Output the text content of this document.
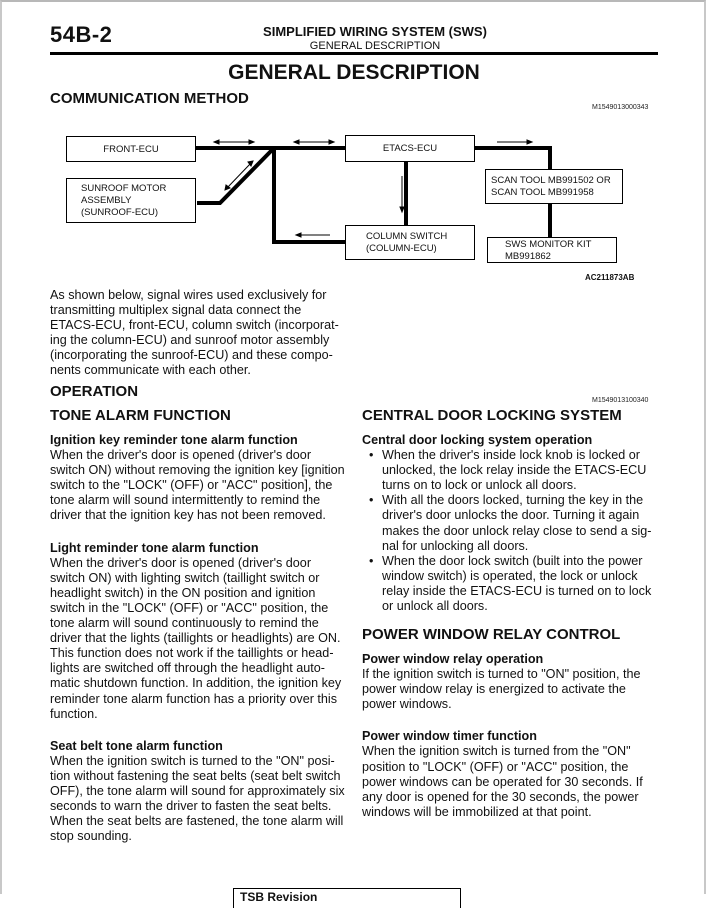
54B-2	SIMPLIFIED WIRING SYSTEM (SWS)
GENERAL DESCRIPTION
GENERAL DESCRIPTION
COMMUNICATION METHOD
M1549013000343
FRONT-ECU
SUNROOF MOTOR
ASSEMBLY
(SUNROOF-ECU)
ETACS-ECU
COLUMN SWITCH
(COLUMN-ECU)
SCAN TOOL MB991502 OR
SCAN TOOL MB991958
SWS MONITOR KIT
MB991862
AC211873AB
As shown below, signal wires used exclusively for
transmitting multiplex signal data connect the
ETACS-ECU, front-ECU, column switch (incorporat-
ing the column-ECU) and sunroof motor assembly
(incorporating the sunroof-ECU) and these compo-
nents communicate with each other.
OPERATION
M1549013100340
TONE ALARM FUNCTION
Ignition key reminder tone alarm function
When the driver's door is opened (driver's door
switch ON) without removing the ignition key [ignition
switch to the "LOCK" (OFF) or "ACC" position], the
tone alarm will sound intermittently to remind the
driver that the ignition key has not been removed.
Light reminder tone alarm function
When the driver's door is opened (driver's door
switch ON) with lighting switch (taillight switch or
headlight switch) in the ON position and ignition
switch in the "LOCK" (OFF) or "ACC" position, the
tone alarm will sound continuously to remind the
driver that the lights (taillights or headlights) are ON.
This function does not work if the taillights or head-
lights are switched off through the headlight auto-
matic shutdown function. In addition, the ignition key
reminder tone alarm function has a priority over this
function.
Seat belt tone alarm function
When the ignition switch is turned to the "ON" posi-
tion without fastening the seat belts (seat belt switch
OFF), the tone alarm will sound for approximately six
seconds to warn the driver to fasten the seat belts.
When the seat belts are fastened, the tone alarm will
stop sounding.
CENTRAL DOOR LOCKING SYSTEM
Central door locking system operation
• When the driver's inside lock knob is locked or
unlocked, the lock relay inside the ETACS-ECU
turns on to lock or unlock all doors.
• With all the doors locked, turning the key in the
driver's door unlocks the door. Turning it again
makes the door unlock relay close to send a sig-
nal for unlocking all doors.
• When the door lock switch (built into the power
window switch) is operated, the lock or unlock
relay inside the ETACS-ECU is turned on to lock
or unlock all doors.
POWER WINDOW RELAY CONTROL
Power window relay operation
If the ignition switch is turned to "ON" position, the
power window relay is energized to activate the
power windows.
Power window timer function
When the ignition switch is turned from the "ON"
position to "LOCK" (OFF) or "ACC" position, the
power windows can be operated for 30 seconds. If
any door is opened for the 30 seconds, the power
windows will be immobilized at that point.
TSB Revision
